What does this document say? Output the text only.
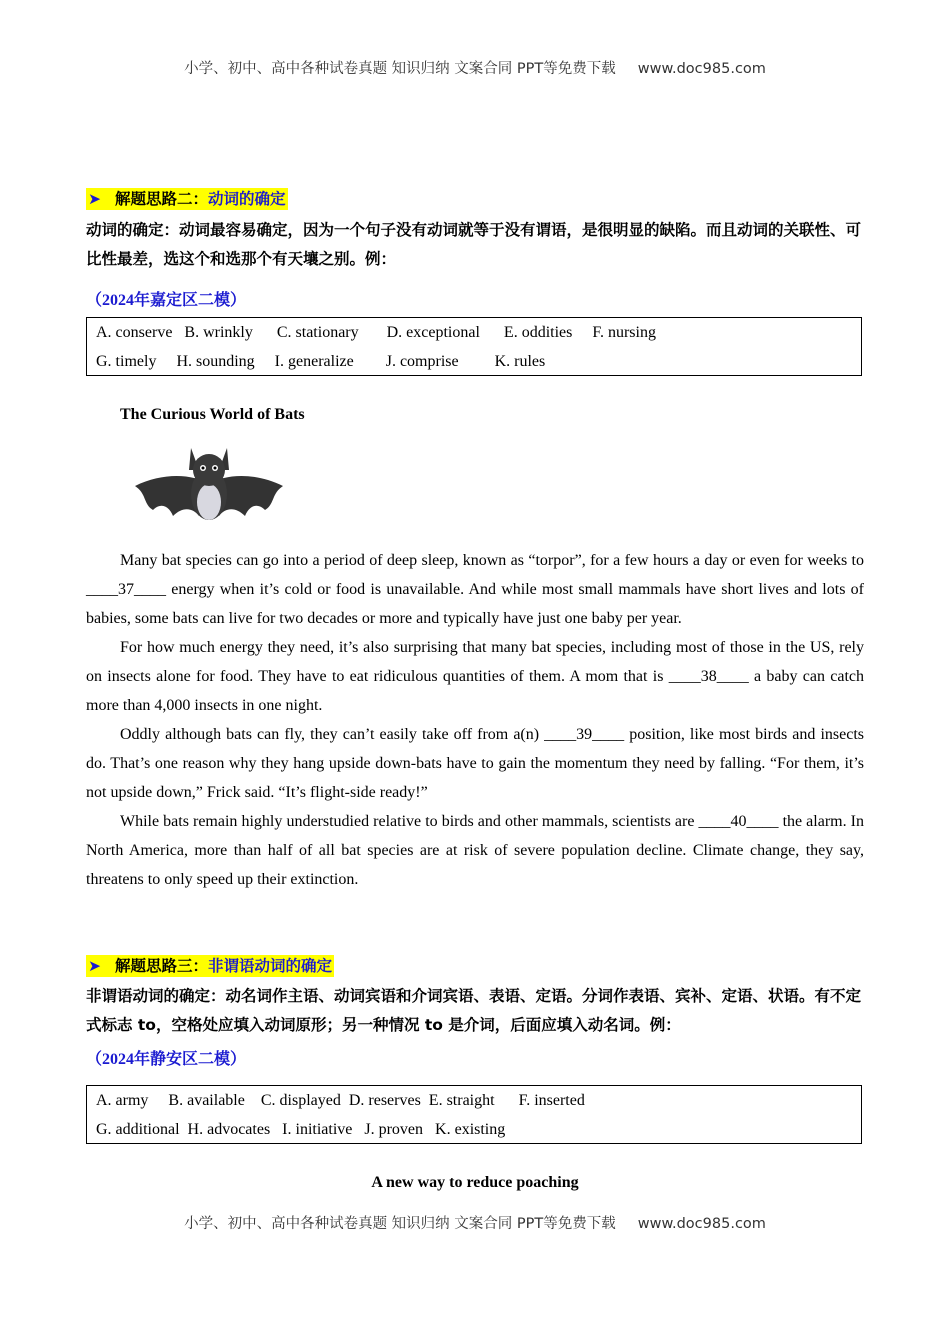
小学、初中、高中各种试卷真题 知识归纳 文案合同 PPT等免费下载 www.doc985.com
➤ 解题思路二：动词的确定
动词的确定：动词最容易确定，因为一个句子没有动词就等于没有谓语，是很明显的缺陷。而且动词的关联性、可比性最差，选这个和选那个有天壤之别。例：
（2024年嘉定区二模）
A. conserve   B. wrinkly      C. stationary       D. exceptional      E. oddities     F. nursing
G. timely     H. sounding     I. generalize        J. comprise         K. rules
The Curious World of Bats

Many bat species can go into a period of deep sleep, known as “torpor”, for a few hours a day or even for weeks to ____37____ energy when it’s cold or food is unavailable. And while most small mammals have short lives and lots of babies, some bats can live for two decades or more and typically have just one baby per year.

For how much energy they need, it’s also surprising that many bat species, including most of those in the US, rely on insects alone for food. They have to eat ridiculous quantities of them. A mom that is ____38____ a baby can catch more than 4,000 insects in one night.

Oddly although bats can fly, they can’t easily take off from a(n) ____39____ position, like most birds and insects do. That’s one reason why they hang upside down-bats have to gain the momentum they need by falling. “For them, it’s not upside down,” Frick said. “It’s flight-side ready!”

While bats remain highly understudied relative to birds and other mammals, scientists are ____40____ the alarm. In North America, more than half of all bat species are at risk of severe population decline. Climate change, they say, threatens to only speed up their extinction.

➤ 解题思路三：非谓语动词的确定
非谓语动词的确定：动名词作主语、动词宾语和介词宾语、表语、定语。分词作表语、宾补、定语、状语。有不定式标志 to，空格处应填入动词原形；另一种情况 to 是介词，后面应填入动名词。例：
（2024年静安区二模）
A. army     B. available    C. displayed  D. reserves  E. straight      F. inserted
G. additional  H. advocates   I. initiative   J. proven   K. existing
A new way to reduce poaching
小学、初中、高中各种试卷真题 知识归纳 文案合同 PPT等免费下载 www.doc985.com
